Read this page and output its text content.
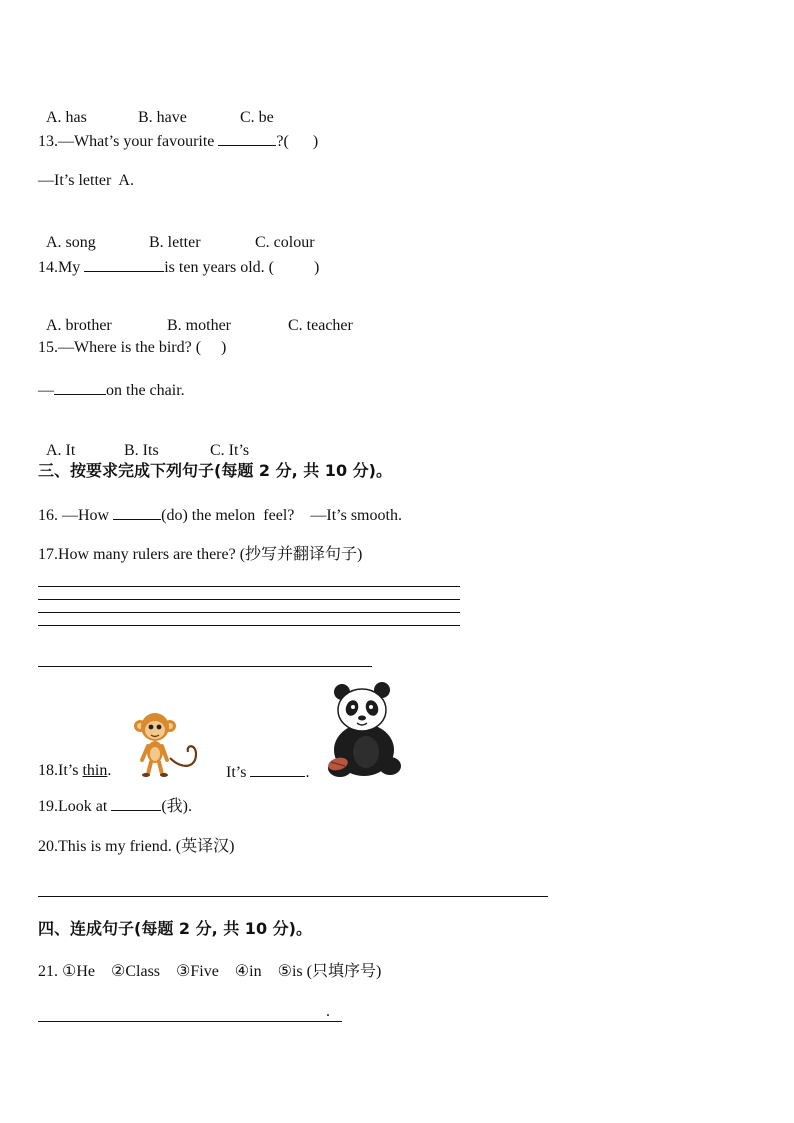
A. has	B. have	C. be

13.—What’s your favourite	?(      )
—It’s letter  A.

A. song	B. letter	C. colour

14.My	is ten years old. (          )

A. brother	B. mother	C. teacher

15.—Where is the bird? (     )
—	on the chair.

A. It	B. Its	C. It’s

三、按要求完成下列句子(每题 2 分, 共 10 分)。
16. —How	(do) the melon  feel?    —It’s smooth.
17.How many rulers are there? (抄写并翻译句子)
18.It’s thin.	It’s	.
19.Look at	(我).
20.This is my friend. (英译汉)
四、连成句子(每题 2 分, 共 10 分)。
21. ①He    ②Class    ③Five    ④in    ⑤is (只填序号)
.
